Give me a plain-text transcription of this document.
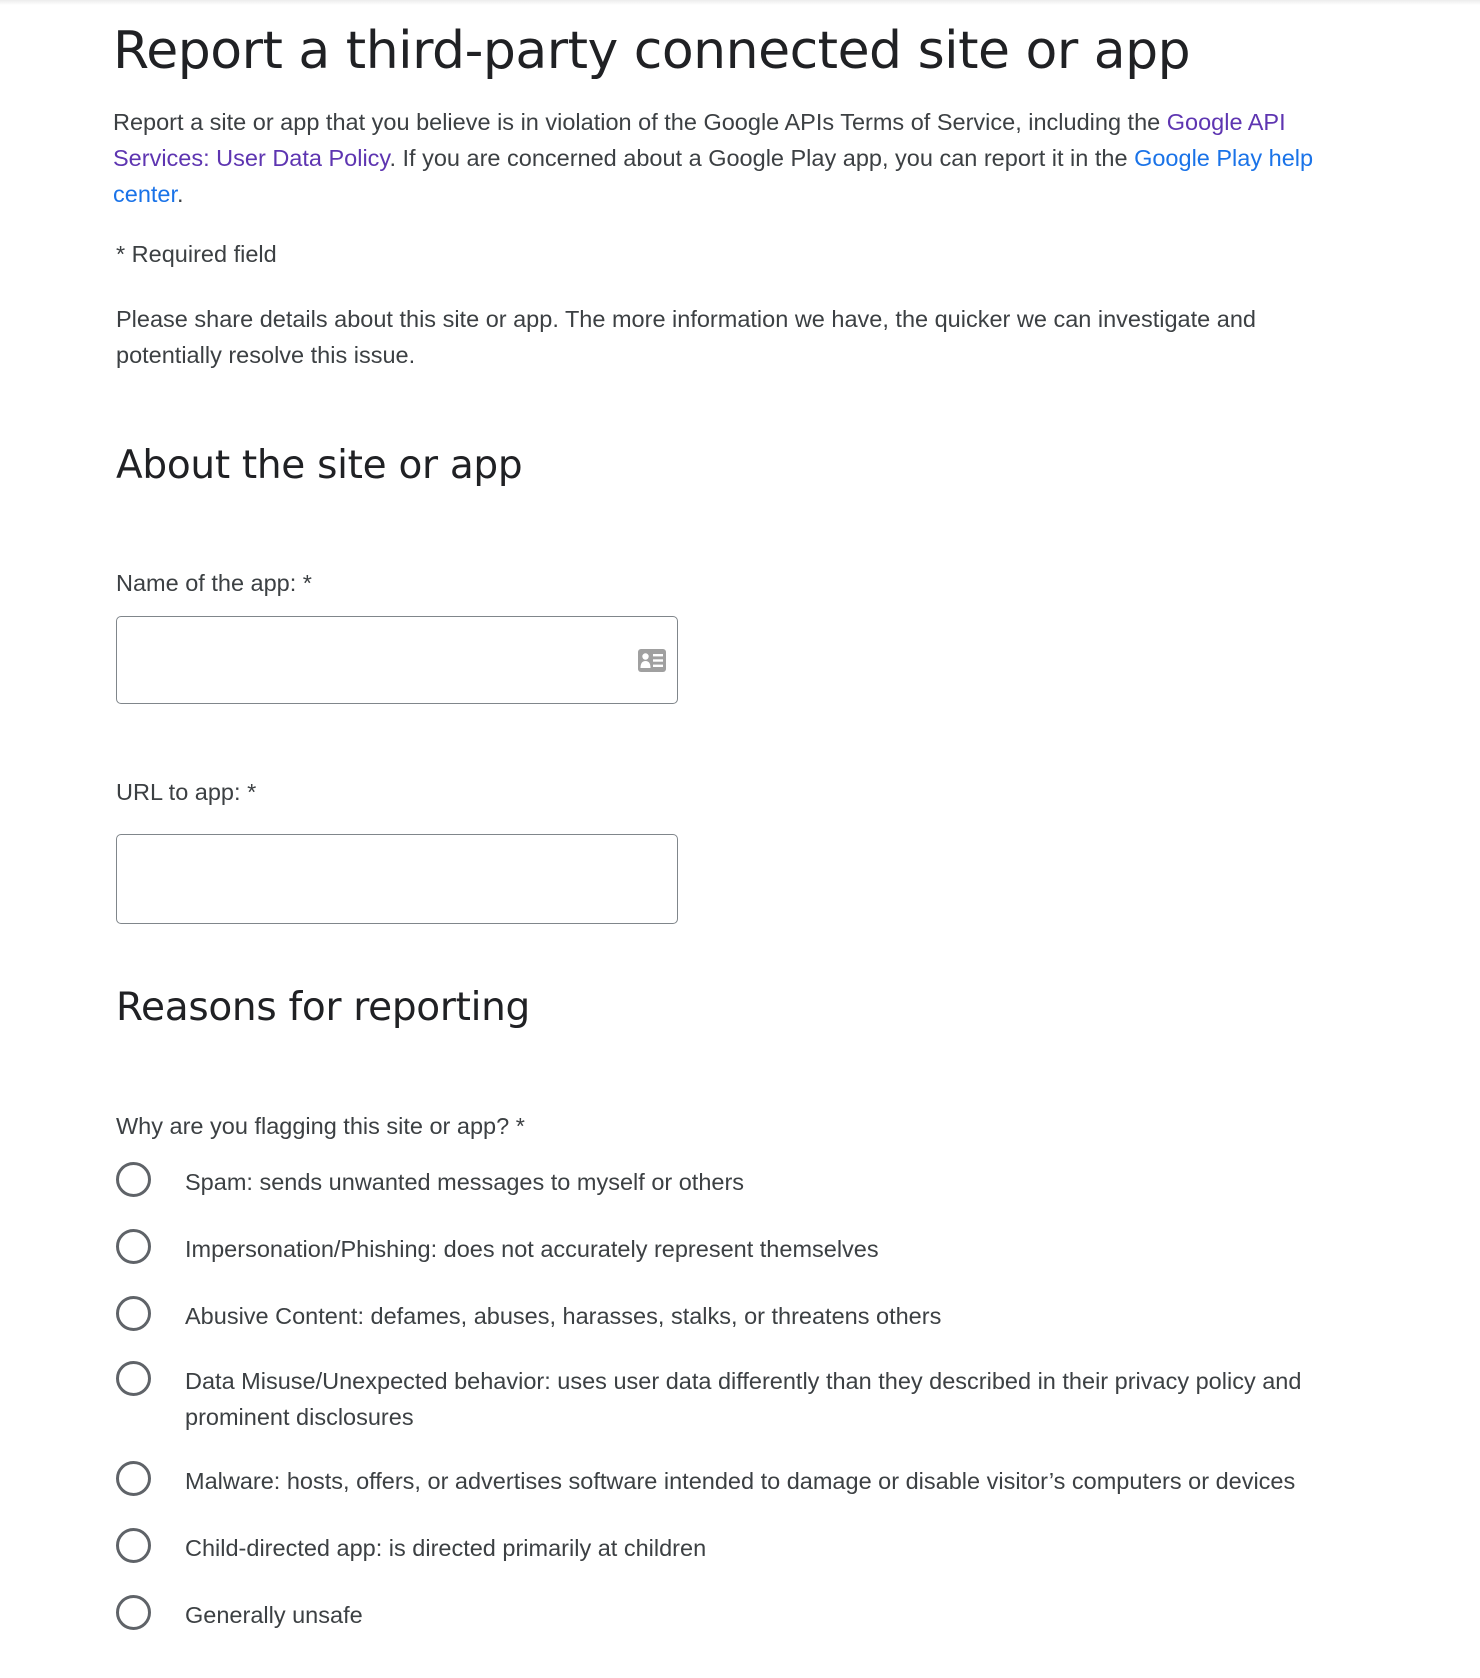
Report a third-party connected site or app

Report a site or app that you believe is in violation of the Google APIs Terms of Service, including the Google API
Services: User Data Policy. If you are concerned about a Google Play app, you can report it in the Google Play help
center.

* Required field

Please share details about this site or app. The more information we have, the quicker we can investigate and
potentially resolve this issue.

About the site or app
Name of the app: *
URL to app: *
Reasons for reporting
Why are you flagging this site or app? *
Spam: sends unwanted messages to myself or others
Impersonation/Phishing: does not accurately represent themselves
Abusive Content: defames, abuses, harasses, stalks, or threatens others
Data Misuse/Unexpected behavior: uses user data differently than they described in their privacy policy and
prominent disclosures
Malware: hosts, offers, or advertises software intended to damage or disable visitor’s computers or devices
Child-directed app: is directed primarily at children
Generally unsafe
